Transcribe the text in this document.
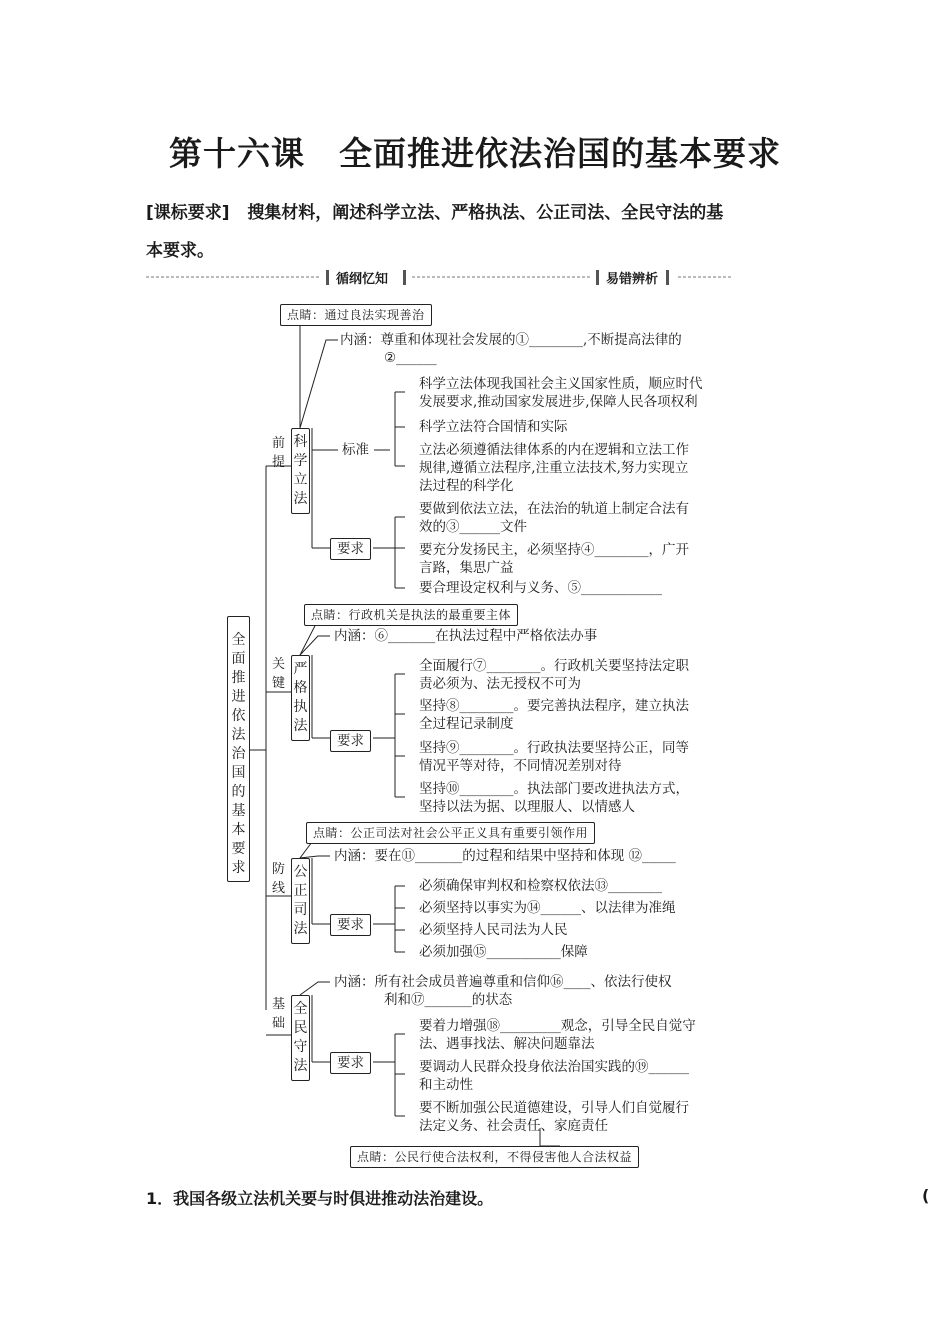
第十六课　全面推进依法治国的基本要求
[课标要求] 搜集材料，阐述科学立法、严格执法、公正司法、全民守法的基
本要求。
循纲忆知	易错辨析
全面推进依法治国的基本要求
前提
关键
防线
基础
科学立法
严格执法
公正司法
全民守法
点睛：通过良法实现善治
点睛：行政机关是执法的最重要主体
点睛：公正司法对社会公平正义具有重要引领作用
点睛：公民行使合法权利，不得侵害他人合法权益
内涵：尊重和体现社会发展的①________,不断提高法律的
②______
标准
科学立法体现我国社会主义国家性质，顺应时代
发展要求,推动国家发展进步,保障人民各项权利
科学立法符合国情和实际
立法必须遵循法律体系的内在逻辑和立法工作
规律,遵循立法程序,注重立法技术,努力实现立
法过程的科学化
要求
要做到依法立法，在法治的轨道上制定合法有
效的③______文件
要充分发扬民主，必须坚持④________，广开
言路，集思广益
要合理设定权利与义务、⑤____________
内涵：⑥_______在执法过程中严格依法办事
要求
全面履行⑦________。行政机关要坚持法定职
责必须为、法无授权不可为
坚持⑧________。要完善执法程序，建立执法
全过程记录制度
坚持⑨________。行政执法要坚持公正，同等
情况平等对待，不同情况差别对待
坚持⑩________。执法部门要改进执法方式，
坚持以法为据、以理服人、以情感人
内涵：要在⑪_______的过程和结果中坚持和体现 ⑫_____
要求
必须确保审判权和检察权依法⑬________
必须坚持以事实为⑭______、以法律为准绳
必须坚持人民司法为人民
必须加强⑮___________保障
内涵：所有社会成员普遍尊重和信仰⑯____、依法行使权
利和⑰_______的状态
要求
要着力增强⑱_________观念，引导全民自觉守
法、遇事找法、解决问题靠法
要调动人民群众投身依法治国实践的⑲______
和主动性
要不断加强公民道德建设，引导人们自觉履行
法定义务、社会责任、家庭责任
1．我国各级立法机关要与时俱进推动法治建设。	(
